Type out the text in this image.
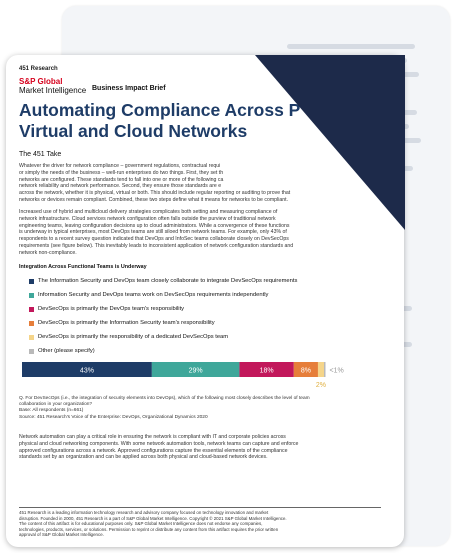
451 Research
S&P Global
Market Intelligence Business Impact Brief
Automating Compliance Across P
Virtual and Cloud Networks
The 451 Take
Whatever the driver for network compliance – government regulations, contractual requi
or simply the needs of the business – well-run enterprises do two things. First, they set th
networks are configured. These standards tend to fall into one or more of the following ca
network reliability and network performance. Second, they ensure those standards are e
across the network, whether it is physical, virtual or both. This should include regular reporting or auditing to prove that
networks or devices remain compliant. Combined, these two steps define what it means for networks to be compliant.
Increased use of hybrid and multicloud delivery strategies complicates both setting and measuring compliance of
network infrastructure. Cloud services network configuration often falls outside the purview of traditional network
engineering teams, leaving configuration decisions up to cloud administrators. While a convergence of these functions
is underway in typical enterprises, most DevOps teams are still siloed from network teams. For example, only 43% of
respondents to a recent survey question indicated that DevOps and InfoSec teams collaborate closely on DevSecOps
requirements (see figure below). This inevitably leads to inconsistent application of network configuration standards and
network non-compliance.
Integration Across Functional Teams is Underway
The Information Security and DevOps team closely collaborate to integrate DevSecOps requirements
Information Security and DevOps teams work on DevSecOps requirements independently
DevSecOps is primarily the DevOps team's responsibility
DevSecOps is primarily the Information Security team's responsibility
DevSecOps is primarily the responsibility of a dedicated DevSecOps team
Other (please specify)
43%	29%	18%	8%
2%
<1%
Q. For DevSecOps (i.e., the integration of security elements into DevOps), which of the following most closely describes the level of team
collaboration in your organization?
Base: All respondents (n=661)
Source: 451 Research's Voice of the Enterprise: DevOps, Organizational Dynamics 2020
Network automation can play a critical role in ensuring the network is compliant with IT and corporate policies across
physical and cloud networking components. With some network automation tools, network teams can capture and enforce
approved configurations across a network. Approved configurations capture the essential elements of the compliance
standards set by an organization and can be applied across both physical and cloud-based network devices.
451 Research is a leading information technology research and advisory company focused on technology innovation and market
disruption. Founded in 2000, 451 Research is a part of S&P Global Market Intelligence. Copyright © 2021 S&P Global Market Intelligence.
The content of this artifact is for educational purposes only. S&P Global Market Intelligence does not endorse any companies,
technologies, products, services, or solutions. Permission to reprint or distribute any content from this artifact requires the prior written
approval of S&P Global Market Intelligence.
